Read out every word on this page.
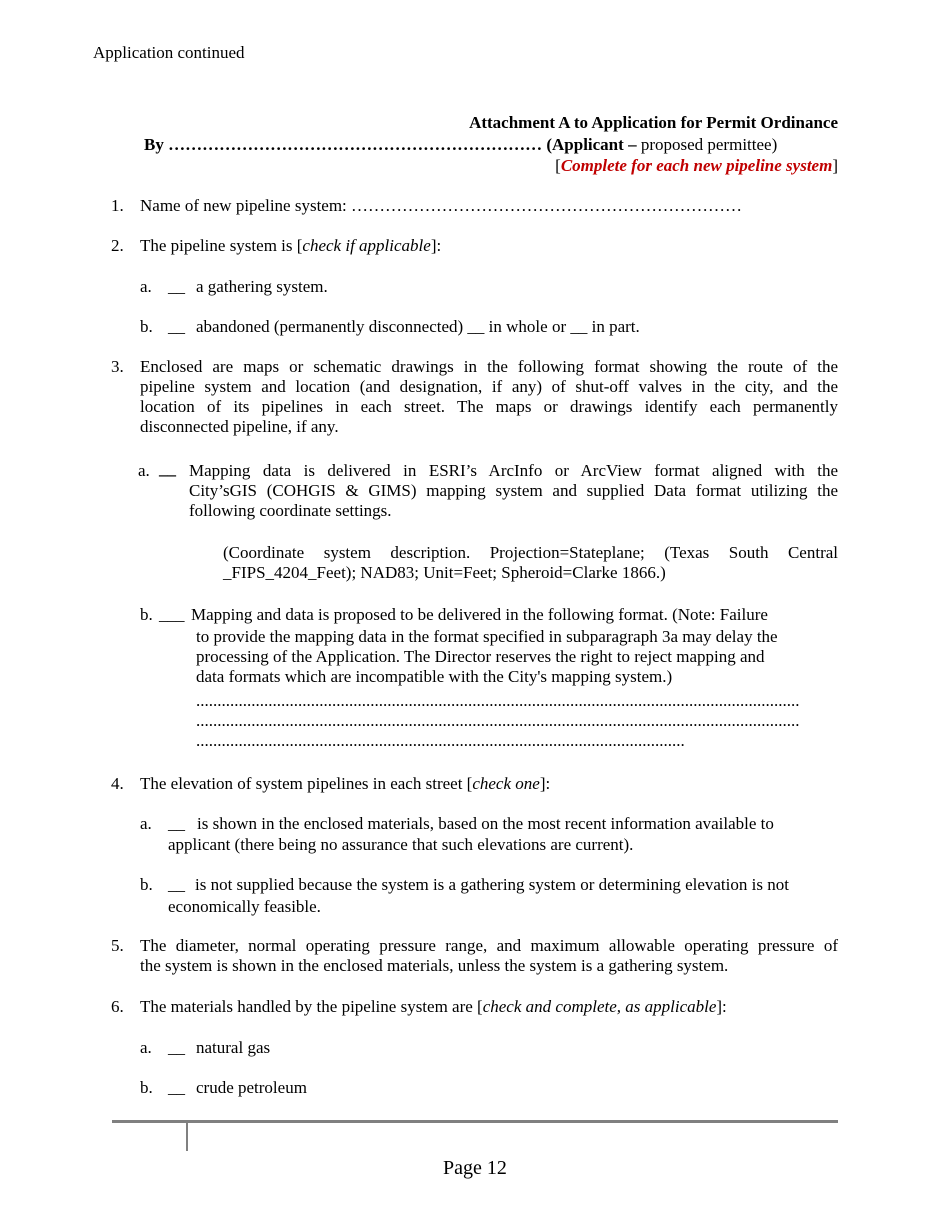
Application continued
Attachment A to Application for Permit Ordinance
By ………………………………………………………… (Applicant – proposed permittee)
[Complete for each new pipeline system]
1. Name of new pipeline system: ……………………………………………………………
2. The pipeline system is [check if applicable]:
a. __ a gathering system.
b. __ abandoned (permanently disconnected) __ in whole or __ in part.
3. Enclosed are maps or schematic drawings in the following format showing the route of the
pipeline system and location (and designation, if any) of shut-off valves in the city, and the
location of its pipelines in each street. The maps or drawings identify each permanently
disconnected pipeline, if any.
a. __ Mapping data is delivered in ESRI’s ArcInfo or ArcView format aligned with the
City’sGIS (COHGIS & GIMS) mapping system and supplied Data format utilizing the
following coordinate settings.
(Coordinate system description. Projection=Stateplane; (Texas South Central
_FIPS_4204_Feet); NAD83; Unit=Feet; Spheroid=Clarke 1866.)
b. ___ Mapping and data is proposed to be delivered in the following format. (Note: Failure
to provide the mapping data in the format specified in subparagraph 3a may delay the
processing of the Application. The Director reserves the right to reject mapping and
data formats which are incompatible with the City's mapping system.)
..............................................................................................................................................
..............................................................................................................................................
...................................................................................................................
4. The elevation of system pipelines in each street [check one]:
a. __ is shown in the enclosed materials, based on the most recent information available to
applicant (there being no assurance that such elevations are current).
b. __ is not supplied because the system is a gathering system or determining elevation is not
economically feasible.
5. The diameter, normal operating pressure range, and maximum allowable operating pressure of
the system is shown in the enclosed materials, unless the system is a gathering system.
6. The materials handled by the pipeline system are [check and complete, as applicable]:
a. __ natural gas
b. __ crude petroleum
Page 12
